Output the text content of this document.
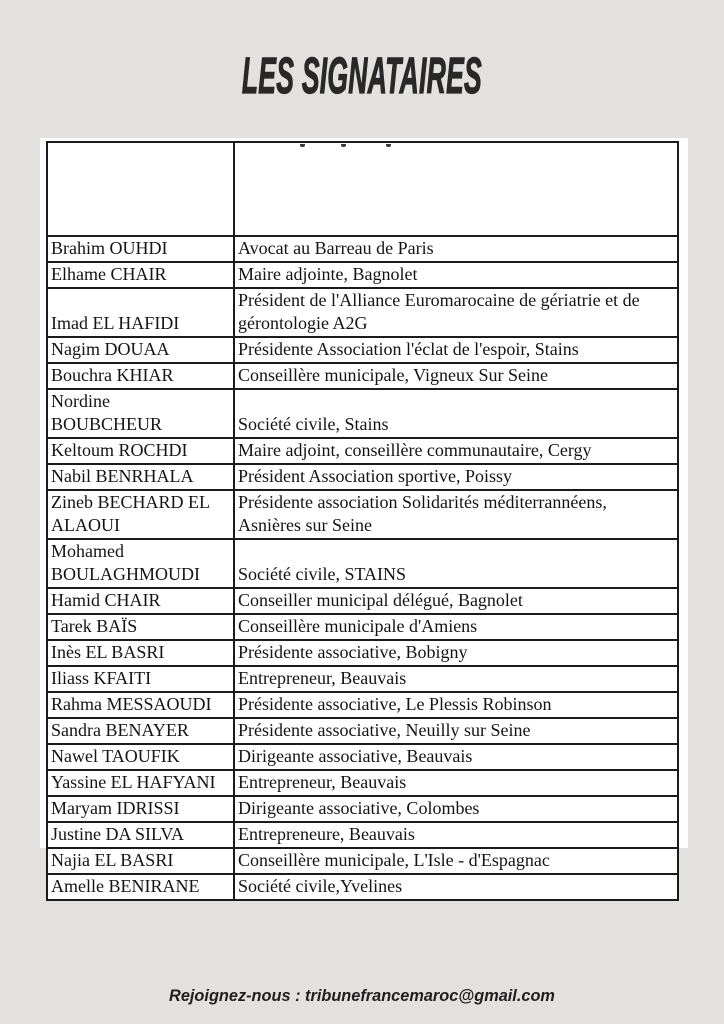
LES SIGNATAIRES

Brahim OUHDI	Avocat au Barreau de Paris
Elhame CHAIR	Maire adjointe, Bagnolet
Imad EL HAFIDI	Président de l'Alliance Euromarocaine de gériatrie et de
gérontologie A2G
Nagim DOUAA	Présidente Association l'éclat de l'espoir, Stains
Bouchra KHIAR	Conseillère municipale, Vigneux Sur Seine
Nordine
BOUBCHEUR	Société civile, Stains
Keltoum ROCHDI	Maire adjoint, conseillère communautaire, Cergy
Nabil BENRHALA	Président Association sportive, Poissy
Zineb BECHARD EL
ALAOUI	Présidente association Solidarités méditerrannéens,
Asnières sur Seine
Mohamed
BOULAGHMOUDI	Société civile, STAINS
Hamid CHAIR	Conseiller municipal délégué, Bagnolet
Tarek BAÏS	Conseillère municipale d'Amiens
Inès EL BASRI	Présidente associative, Bobigny
Iliass KFAITI	Entrepreneur, Beauvais
Rahma MESSAOUDI	Présidente associative, Le Plessis Robinson
Sandra BENAYER	Présidente associative, Neuilly sur Seine
Nawel TAOUFIK	Dirigeante associative, Beauvais
Yassine EL HAFYANI	Entrepreneur, Beauvais
Maryam IDRISSI	Dirigeante associative, Colombes
Justine DA SILVA	Entrepreneure, Beauvais
Najia EL BASRI	Conseillère municipale, L'Isle - d'Espagnac
Amelle BENIRANE	Société civile,Yvelines

Rejoignez-nous : tribunefrancemaroc@gmail.com
